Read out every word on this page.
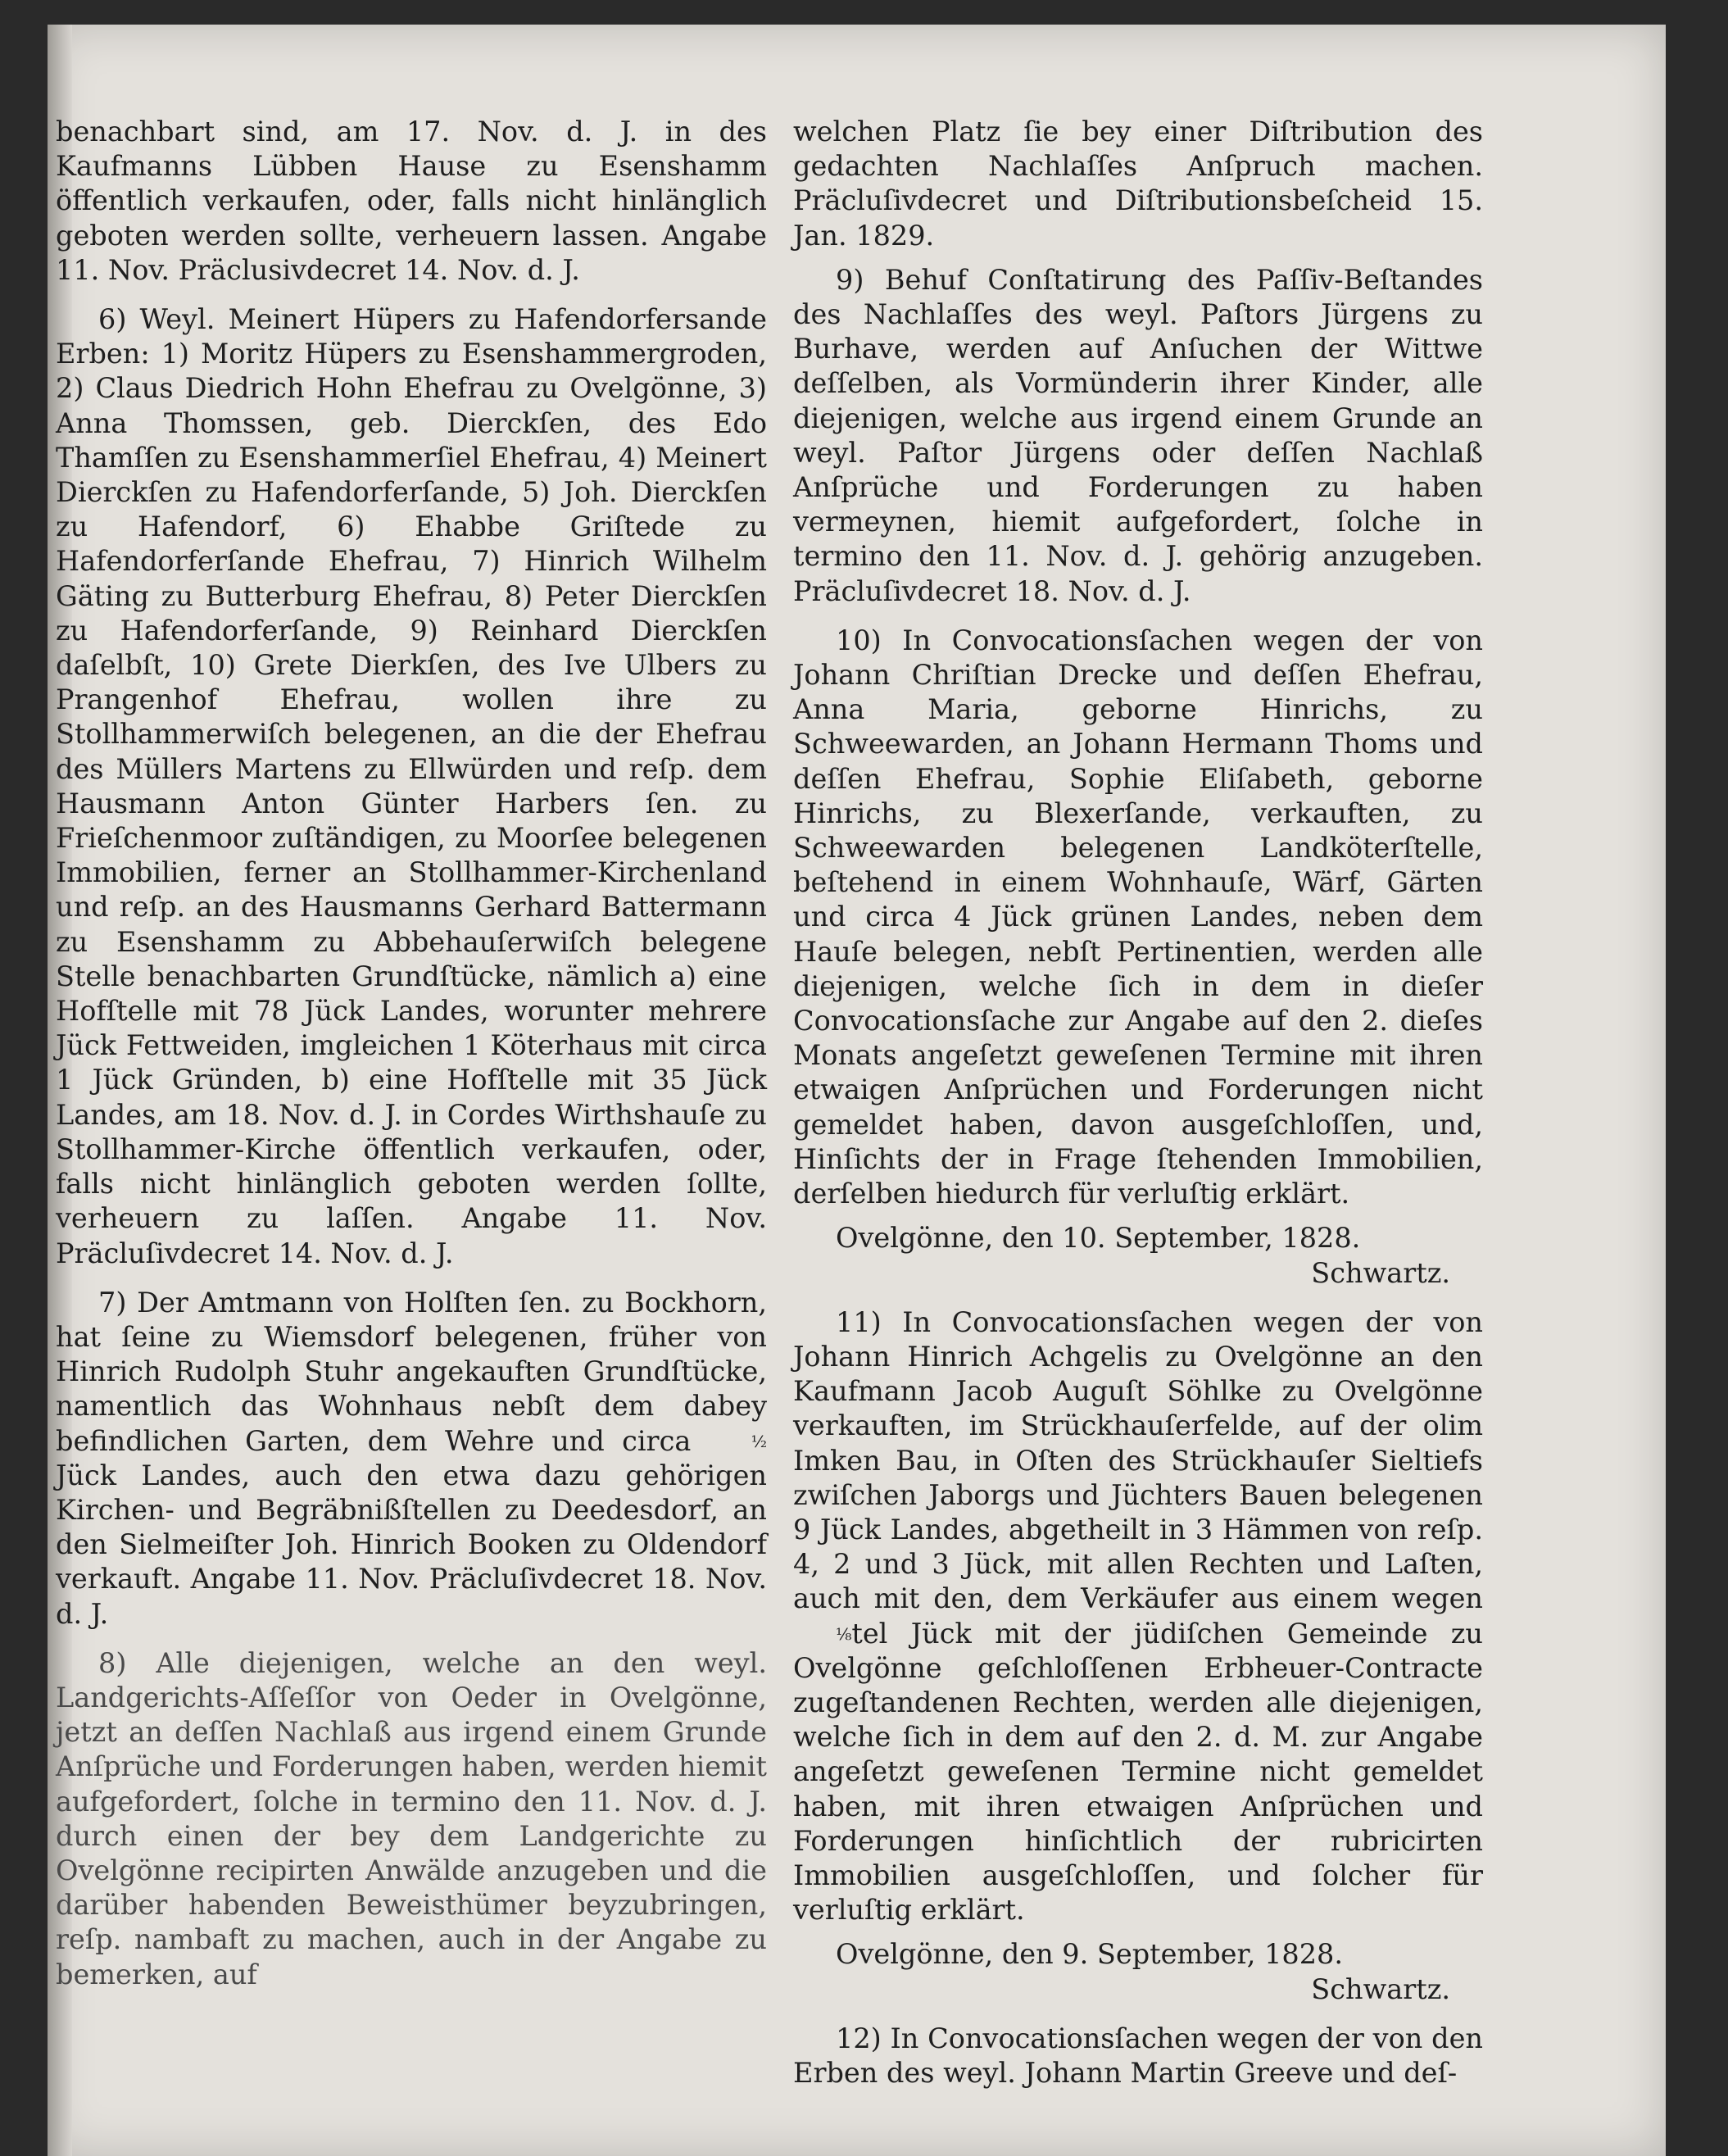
benachbart sind, am 17. Nov. d. J. in des Kaufmanns Lübben Hause zu Esenshamm öffentlich verkaufen, oder, falls nicht hinlänglich geboten werden sollte, verheuern lassen. Angabe 11. Nov. Präclusivdecret 14. Nov. d. J.

6) Weyl. Meinert Hüpers zu Hafendorfersande Erben: 1) Moritz Hüpers zu Esenshammergroden, 2) Claus Diedrich Hohn Ehefrau zu Ovelgönne, 3) Anna Thomssen, geb. Dierckſen, des Edo Thamſſen zu Esenshammerſiel Ehefrau, 4) Meinert Dierckſen zu Hafendorferſande, 5) Joh. Dierckſen zu Hafendorf, 6) Ehabbe Griſtede zu Hafendorferſande Ehefrau, 7) Hinrich Wilhelm Gäting zu Butterburg Ehefrau, 8) Peter Dierckſen zu Hafendorferſande, 9) Reinhard Dierckſen daſelbſt, 10) Grete Dierkſen, des Ive Ulbers zu Prangenhof Ehefrau, wollen ihre zu Stollhammerwiſch belegenen, an die der Ehefrau des Müllers Martens zu Ellwürden und reſp. dem Hausmann Anton Günter Harbers ſen. zu Frieſchenmoor zuſtändigen, zu Moorſee belegenen Immobilien, ferner an Stollhammer-Kirchenland und reſp. an des Hausmanns Gerhard Battermann zu Esenshamm zu Abbehauſerwiſch belegene Stelle benachbarten Grundſtücke, nämlich a) eine Hofſtelle mit 78 Jück Landes, worunter mehrere Jück Fettweiden, imgleichen 1 Köterhaus mit circa 1 Jück Gründen, b) eine Hofſtelle mit 35 Jück Landes, am 18. Nov. d. J. in Cordes Wirthshauſe zu Stollhammer-Kirche öffentlich verkaufen, oder, falls nicht hinlänglich geboten werden ſollte, verheuern zu laſſen. Angabe 11. Nov. Präcluſivdecret 14. Nov. d. J.

7) Der Amtmann von Holſten ſen. zu Bockhorn, hat ſeine zu Wiemsdorf belegenen, früher von Hinrich Rudolph Stuhr angekauften Grundſtücke, namentlich das Wohnhaus nebſt dem dabey befindlichen Garten, dem Wehre und circa	½ Jück Landes, auch den etwa dazu gehörigen Kirchen- und Begräbnißſtellen zu Deedesdorf, an den Sielmeiſter Joh. Hinrich Booken zu Oldendorf verkauft. Angabe 11. Nov. Präcluſivdecret 18. Nov. d. J.

8) Alle diejenigen, welche an den weyl. Landgerichts-Aſſeſſor von Oeder in Ovelgönne, jetzt an deſſen Nachlaß aus irgend einem Grunde Anſprüche und Forderungen haben, werden hiemit aufgefordert, ſolche in termino den 11. Nov. d. J. durch einen der bey dem Landgerichte zu Ovelgönne recipirten Anwälde anzugeben und die darüber habenden Beweisthümer beyzubringen, reſp. nambaft zu machen, auch in der Angabe zu bemerken, auf

welchen Platz ſie bey einer Diſtribution des gedachten Nachlaſſes Anſpruch machen. Präcluſivdecret und Diſtributionsbeſcheid 15. Jan. 1829.

9) Behuf Conſtatirung des Paſſiv-Beſtandes des Nachlaſſes des weyl. Paſtors Jürgens zu Burhave, werden auf Anſuchen der Wittwe deſſelben, als Vormünderin ihrer Kinder, alle diejenigen, welche aus irgend einem Grunde an weyl. Paſtor Jürgens oder deſſen Nachlaß Anſprüche und Forderungen zu haben vermeynen, hiemit aufgefordert, ſolche in termino den 11. Nov. d. J. gehörig anzugeben. Präcluſivdecret 18. Nov. d. J.

10) In Convocationsſachen wegen der von Johann Chriſtian Drecke und deſſen Ehefrau, Anna Maria, geborne Hinrichs, zu Schweewarden, an Johann Hermann Thoms und deſſen Ehefrau, Sophie Eliſabeth, geborne Hinrichs, zu Blexerſande, verkauften, zu Schweewarden belegenen Landköterſtelle, beſtehend in einem Wohnhauſe, Wärf, Gärten und circa 4 Jück grünen Landes, neben dem Hauſe belegen, nebſt Pertinentien, werden alle diejenigen, welche ſich in dem in dieſer Convocationsſache zur Angabe auf den 2. dieſes Monats angeſetzt geweſenen Termine mit ihren etwaigen Anſprüchen und Forderungen nicht gemeldet haben, davon ausgeſchloſſen, und, Hinſichts der in Frage ſtehenden Immobilien, derſelben hiedurch für verluſtig erklärt.

Ovelgönne, den 10. September, 1828.

Schwartz.

11) In Convocationsſachen wegen der von Johann Hinrich Achgelis zu Ovelgönne an den Kaufmann Jacob Auguſt Söhlke zu Ovelgönne verkauften, im Strückhauſerfelde, auf der olim Imken Bau, in Oſten des Strückhauſer Sieltiefs zwiſchen Jaborgs und Jüchters Bauen belegenen 9 Jück Landes, abgetheilt in 3 Hämmen von reſp. 4, 2 und 3 Jück, mit allen Rechten und Laſten, auch mit den, dem Verkäufer aus einem wegen ⅛tel Jück mit der jüdiſchen Gemeinde zu Ovelgönne geſchloſſenen Erbheuer-Contracte zugeſtandenen Rechten, werden alle diejenigen, welche ſich in dem auf den 2. d. M. zur Angabe angeſetzt geweſenen Termine nicht gemeldet haben, mit ihren etwaigen Anſprüchen und Forderungen hinſichtlich der rubricirten Immobilien ausgeſchloſſen, und ſolcher für verluſtig erklärt.

Ovelgönne, den 9. September, 1828.

Schwartz.

12) In Convocationsſachen wegen der von den Erben des weyl. Johann Martin Greeve und deſ-
